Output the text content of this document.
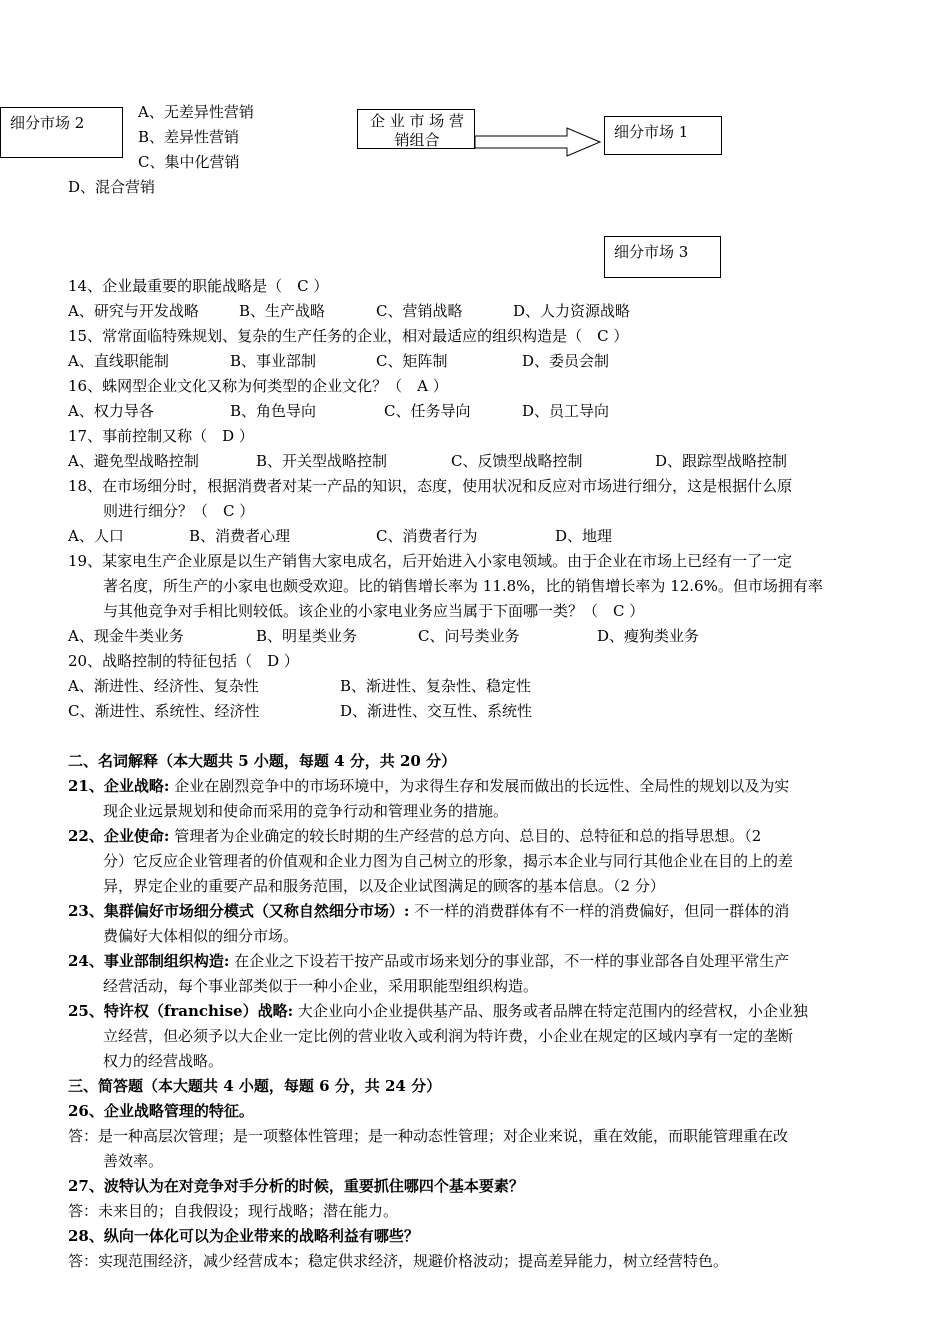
细分市场 2
A、无差异性营销
B、差异性营销
C、集中化营销
D、混合营销
企 业 市 场 营 销组合	细分市场 1
细分市场 3
14、企业最重要的职能战略是（　C ）
A、研究与开发战略	B、生产战略	C、营销战略	D、人力资源战略
15、常常面临特殊规划、复杂的生产任务的企业，相对最适应的组织构造是（　C ）
A、直线职能制	B、事业部制	C、矩阵制	D、委员会制
16、蛛网型企业文化又称为何类型的企业文化？（　A ）
A、权力导各	B、角色导向	C、任务导向	D、员工导向
17、事前控制又称（　D ）
A、避免型战略控制	B、开关型战略控制	C、反馈型战略控制	D、跟踪型战略控制
18、在市场细分时，根据消费者对某一产品的知识，态度，使用状况和反应对市场进行细分，这是根据什么原
则进行细分？（　C ）
A、人口	B、消费者心理	C、消费者行为	D、地理
19、某家电生产企业原是以生产销售大家电成名，后开始进入小家电领域。由于企业在市场上已经有一了一定
著名度，所生产的小家电也颇受欢迎。比的销售增长率为 11.8%，比的销售增长率为 12.6%。但市场拥有率
与其他竞争对手相比则较低。该企业的小家电业务应当属于下面哪一类？（　C ）
A、现金牛类业务	B、明星类业务	C、问号类业务	D、瘦狗类业务
20、战略控制的特征包括（　D ）
A、渐进性、经济性、复杂性	B、渐进性、复杂性、稳定性
C、渐进性、系统性、经济性	D、渐进性、交互性、系统性
二、名词解释（本大题共 5 小题，每题 4 分，共 20 分）
21、企业战略: 企业在剧烈竞争中的市场环境中，为求得生存和发展而做出的长远性、全局性的规划以及为实
现企业远景规划和使命而采用的竞争行动和管理业务的措施。
22、企业使命: 管理者为企业确定的较长时期的生产经营的总方向、总目的、总特征和总的指导思想。（2
分）它反应企业管理者的价值观和企业力图为自己树立的形象，揭示本企业与同行其他企业在目的上的差
异，界定企业的重要产品和服务范围，以及企业试图满足的顾客的基本信息。（2 分）
23、集群偏好市场细分模式（又称自然细分市场）: 不一样的消费群体有不一样的消费偏好，但同一群体的消
费偏好大体相似的细分市场。
24、事业部制组织构造: 在企业之下设若干按产品或市场来划分的事业部，不一样的事业部各自处理平常生产
经营活动，每个事业部类似于一种小企业，采用职能型组织构造。
25、特许权（franchise）战略: 大企业向小企业提供基产品、服务或者品牌在特定范围内的经营权，小企业独
立经营，但必须予以大企业一定比例的营业收入或利润为特许费，小企业在规定的区域内享有一定的垄断
权力的经营战略。
三、简答题（本大题共 4 小题，每题 6 分，共 24 分）
26、企业战略管理的特征。
答：是一种高层次管理；是一项整体性管理；是一种动态性管理；对企业来说，重在效能，而职能管理重在改
善效率。
27、波特认为在对竞争对手分析的时候，重要抓住哪四个基本要素？
答：未来目的；自我假设；现行战略；潜在能力。
28、纵向一体化可以为企业带来的战略利益有哪些？
答：实现范围经济，减少经营成本；稳定供求经济，规避价格波动；提高差异能力，树立经营特色。
